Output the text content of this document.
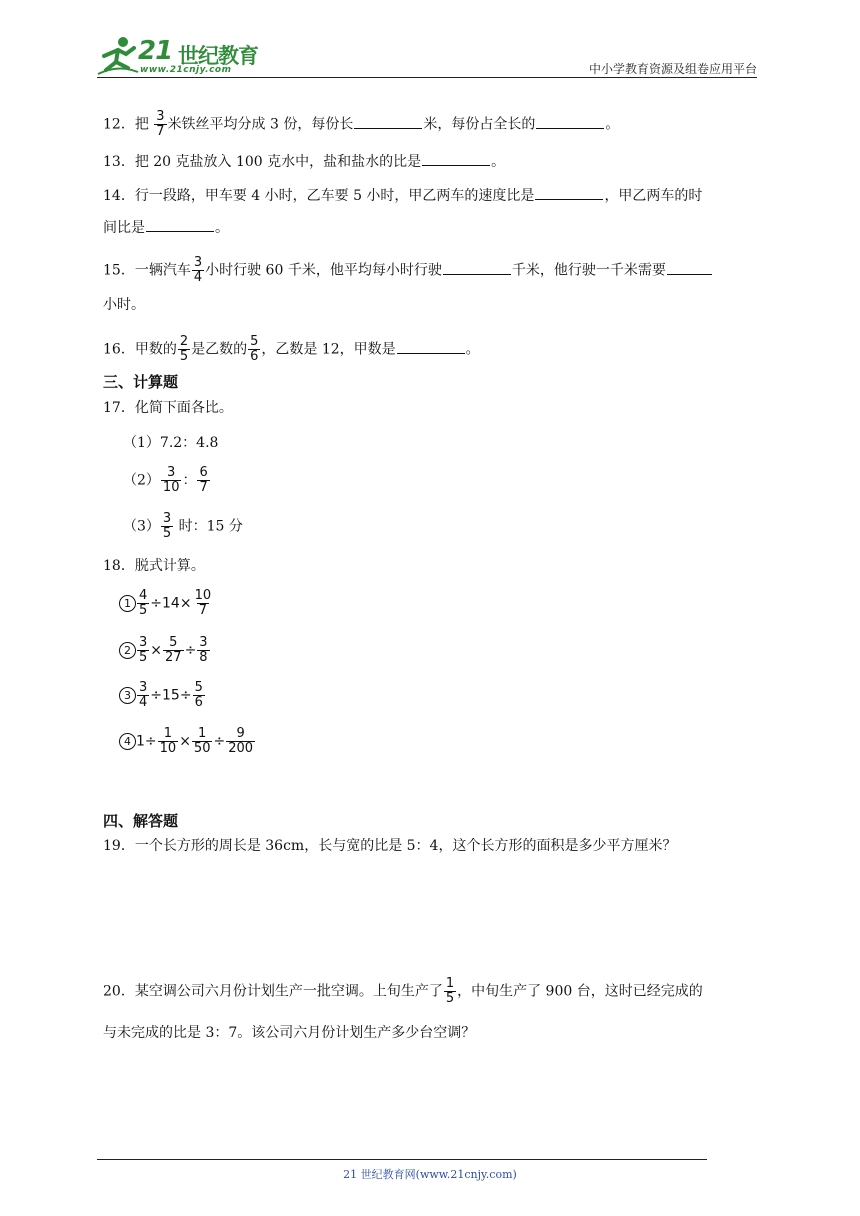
21 世纪教育
www.21cnjy.com	中小学教育资源及组卷应用平台
12．把 $\frac{3}{7}$ 米铁丝平均分成 3 份，每份长	米，每份占全长的	。
13．把 20 克盐放入 100 克水中，盐和盐水的比是	。
14．行一段路，甲车要 4 小时，乙车要 5 小时，甲乙两车的速度比是	，甲乙两车的时
间比是	。
15．一辆汽车 $\frac{3}{4}$ 小时行驶 60 千米，他平均每小时行驶	千米，他行驶一千米需要
小时。
16．甲数的 $\frac{2}{5}$ 是乙数的 $\frac{5}{6}$ ，乙数是 12，甲数是	。
三、计算题
17．化简下面各比。
（1）7.2：4.8
$(2) \frac{3}{10}$ ： $\frac{6}{7}$
$(3) \frac{3}{5}$ 时：15 分
18．脱式计算。
$1 \frac{4}{5} \div 14\times \frac{10}{7}$
$2 \frac{3}{5} \times \frac{5}{27} \div \frac{3}{8}$
$3 \frac{3}{4} \div 15\div \frac{5}{6}$
4 $1\div \frac{1}{10} \times \frac{1}{50} \div \frac{9}{200}$
四、解答题
19．一个长方形的周长是 36cm，长与宽的比是 5：4，这个长方形的面积是多少平方厘米？
20．某空调公司六月份计划生产一批空调。上旬生产了 $\frac{1}{5}$ ，中旬生产了 900 台，这时已经完成的
与未完成的比是 3：7。该公司六月份计划生产多少台空调？
21 世纪教育网(www.21cnjy.com)
